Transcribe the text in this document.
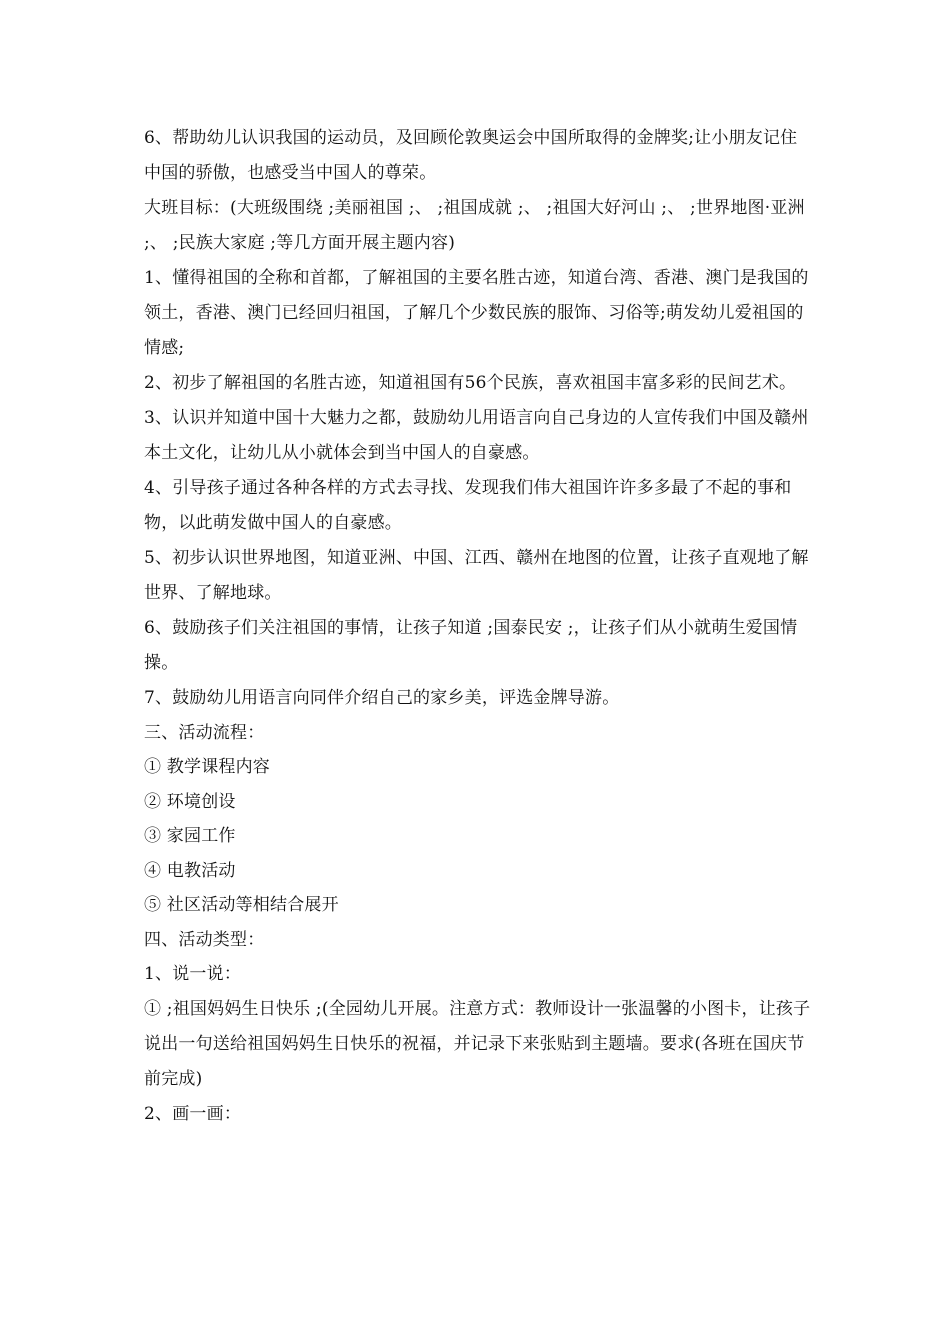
6、帮助幼儿认识我国的运动员，及回顾伦敦奥运会中国所取得的金牌奖;让小朋友记住中国的骄傲，也感受当中国人的尊荣。

大班目标：(大班级围绕 ;美丽祖国 ;、 ;祖国成就 ;、 ;祖国大好河山 ;、 ;世界地图·亚洲 ;、 ;民族大家庭 ;等几方面开展主题内容)

1、懂得祖国的全称和首都，了解祖国的主要名胜古迹，知道台湾、香港、澳门是我国的领土，香港、澳门已经回归祖国，了解几个少数民族的服饰、习俗等;萌发幼儿爱祖国的情感;

2、初步了解祖国的名胜古迹，知道祖国有56个民族，喜欢祖国丰富多彩的民间艺术。

3、认识并知道中国十大魅力之都，鼓励幼儿用语言向自己身边的人宣传我们中国及赣州本土文化，让幼儿从小就体会到当中国人的自豪感。

4、引导孩子通过各种各样的方式去寻找、发现我们伟大祖国许许多多最了不起的事和物，以此萌发做中国人的自豪感。

5、初步认识世界地图，知道亚洲、中国、江西、赣州在地图的位置，让孩子直观地了解世界、了解地球。

6、鼓励孩子们关注祖国的事情，让孩子知道 ;国泰民安 ;，让孩子们从小就萌生爱国情操。

7、鼓励幼儿用语言向同伴介绍自己的家乡美，评选金牌导游。

三、活动流程：

① 教学课程内容

② 环境创设

③ 家园工作

④ 电教活动

⑤ 社区活动等相结合展开

四、活动类型：

1、说一说：

① ;祖国妈妈生日快乐 ;(全园幼儿开展。注意方式：教师设计一张温馨的小图卡，让孩子说出一句送给祖国妈妈生日快乐的祝福，并记录下来张贴到主题墙。要求(各班在国庆节前完成)

2、画一画：
